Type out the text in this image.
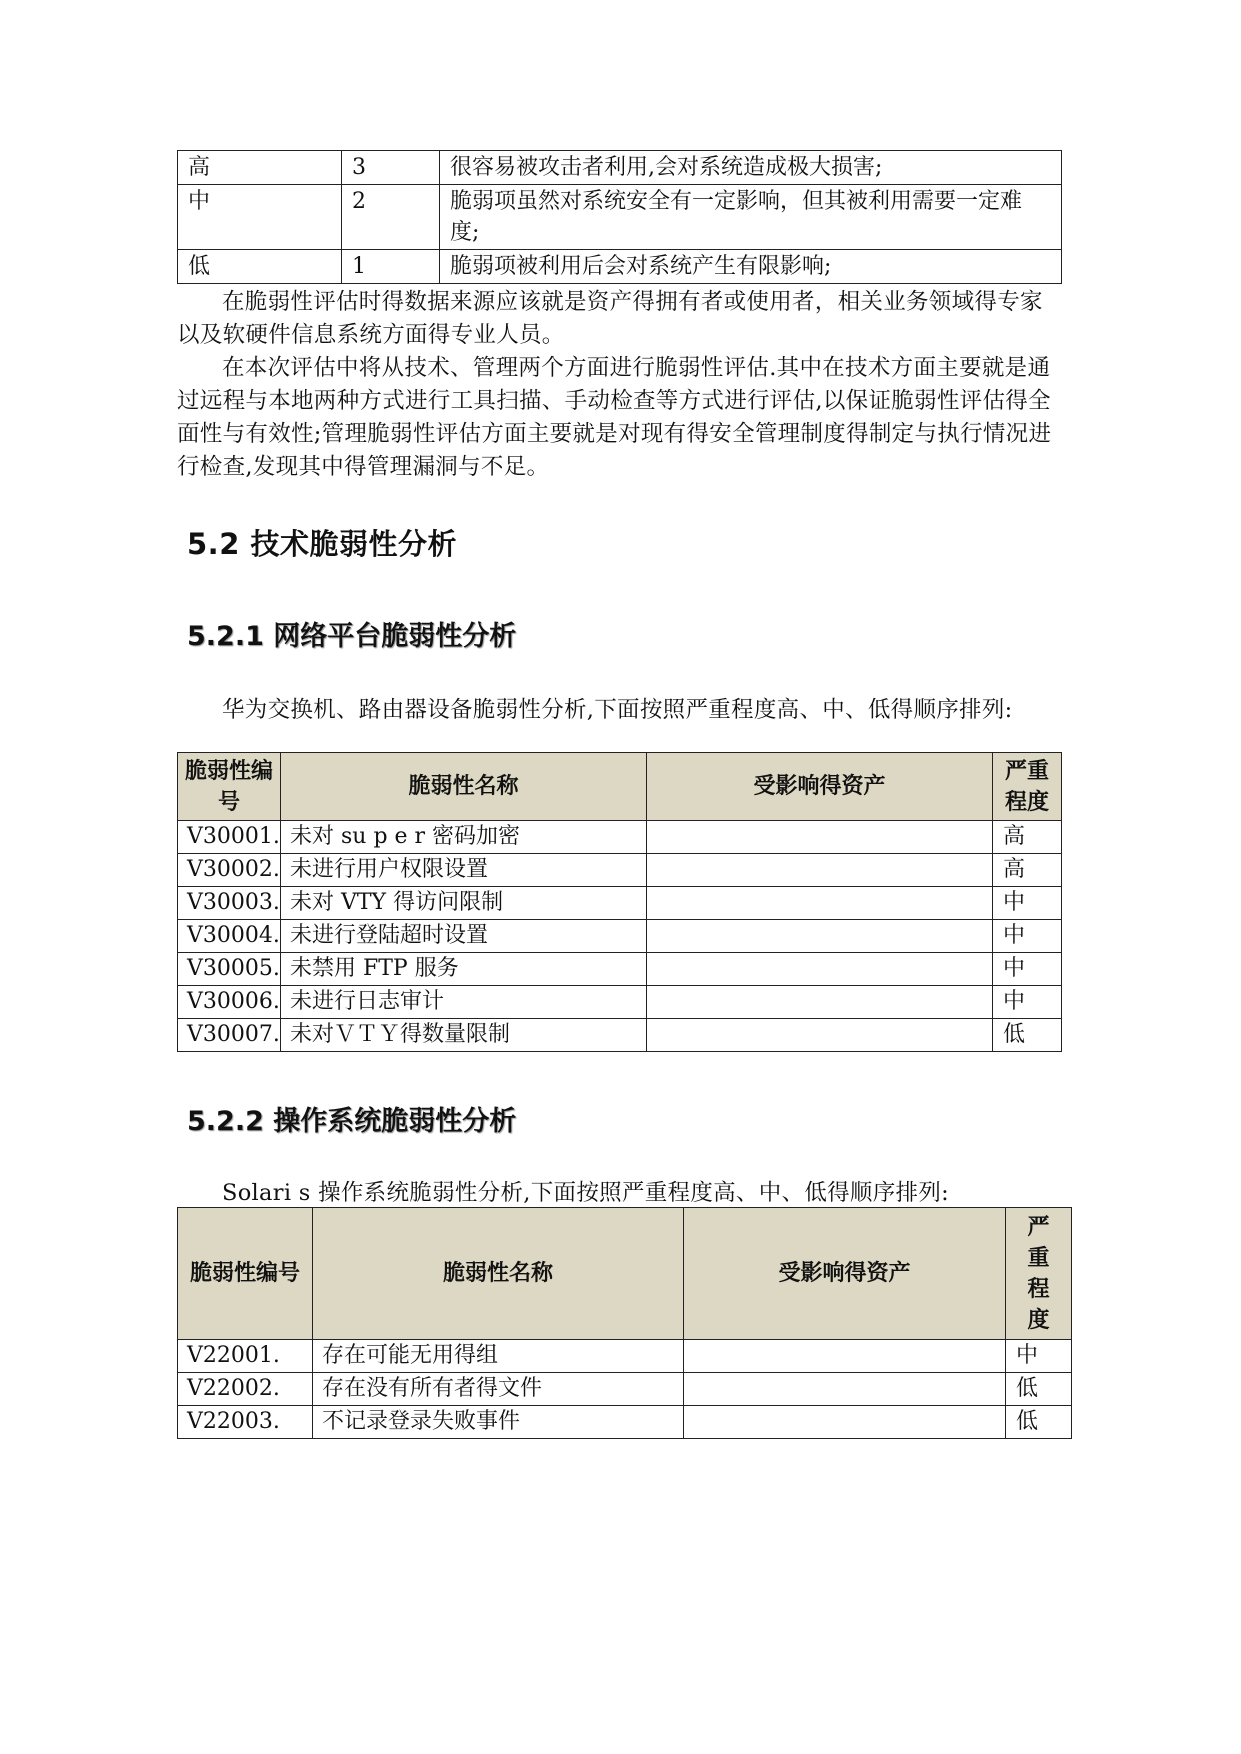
高	3	很容易被攻击者利用,会对系统造成极大损害;
中	2	脆弱项虽然对系统安全有一定影响，但其被利用需要一定难度;
低	1	脆弱项被利用后会对系统产生有限影响;

在脆弱性评估时得数据来源应该就是资产得拥有者或使用者，相关业务领域得专家以及软硬件信息系统方面得专业人员。

在本次评估中将从技术、管理两个方面进行脆弱性评估.其中在技术方面主要就是通过远程与本地两种方式进行工具扫描、手动检查等方式进行评估,以保证脆弱性评估得全面性与有效性;管理脆弱性评估方面主要就是对现有得安全管理制度得制定与执行情况进行检查,发现其中得管理漏洞与不足。

5.2 技术脆弱性分析
5.2.1 网络平台脆弱性分析

华为交换机、路由器设备脆弱性分析,下面按照严重程度高、中、低得顺序排列:

脆弱性编号	脆弱性名称	受影响得资产	严重程度
V30001.	未对 su p e r 密码加密		高
V30002.	未进行用户权限设置		高
V30003.	未对 VTY 得访问限制		中
V30004.	未进行登陆超时设置		中
V30005.	未禁用 FTP 服务		中
V30006.	未进行日志审计		中
V30007.	未对ＶＴＹ得数量限制		低
5.2.2 操作系统脆弱性分析

Solari s 操作系统脆弱性分析,下面按照严重程度高、中、低得顺序排列:

脆弱性编号	脆弱性名称	受影响得资产	严重程度
V22001.	存在可能无用得组		中
V22002.	存在没有所有者得文件		低
V22003.	不记录登录失败事件		低
